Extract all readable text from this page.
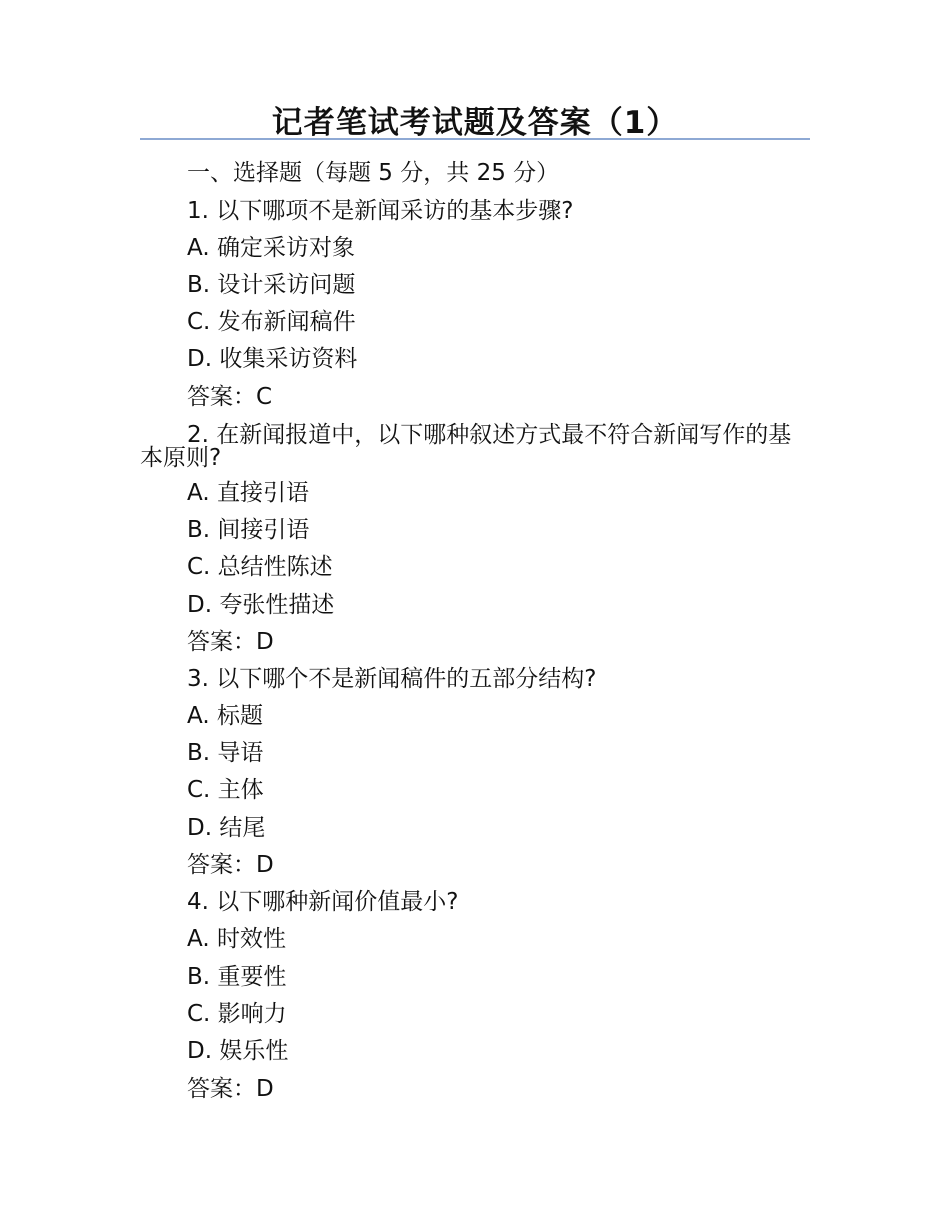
记者笔试考试题及答案（1）
一、选择题（每题 5 分，共 25 分）
1. 以下哪项不是新闻采访的基本步骤?
A. 确定采访对象
B. 设计采访问题
C. 发布新闻稿件
D. 收集采访资料
答案：C
2. 在新闻报道中，以下哪种叙述方式最不符合新闻写作的基本原则?
A. 直接引语
B. 间接引语
C. 总结性陈述
D. 夸张性描述
答案：D
3. 以下哪个不是新闻稿件的五部分结构?
A. 标题
B. 导语
C. 主体
D. 结尾
答案：D
4. 以下哪种新闻价值最小?
A. 时效性
B. 重要性
C. 影响力
D. 娱乐性
答案：D
